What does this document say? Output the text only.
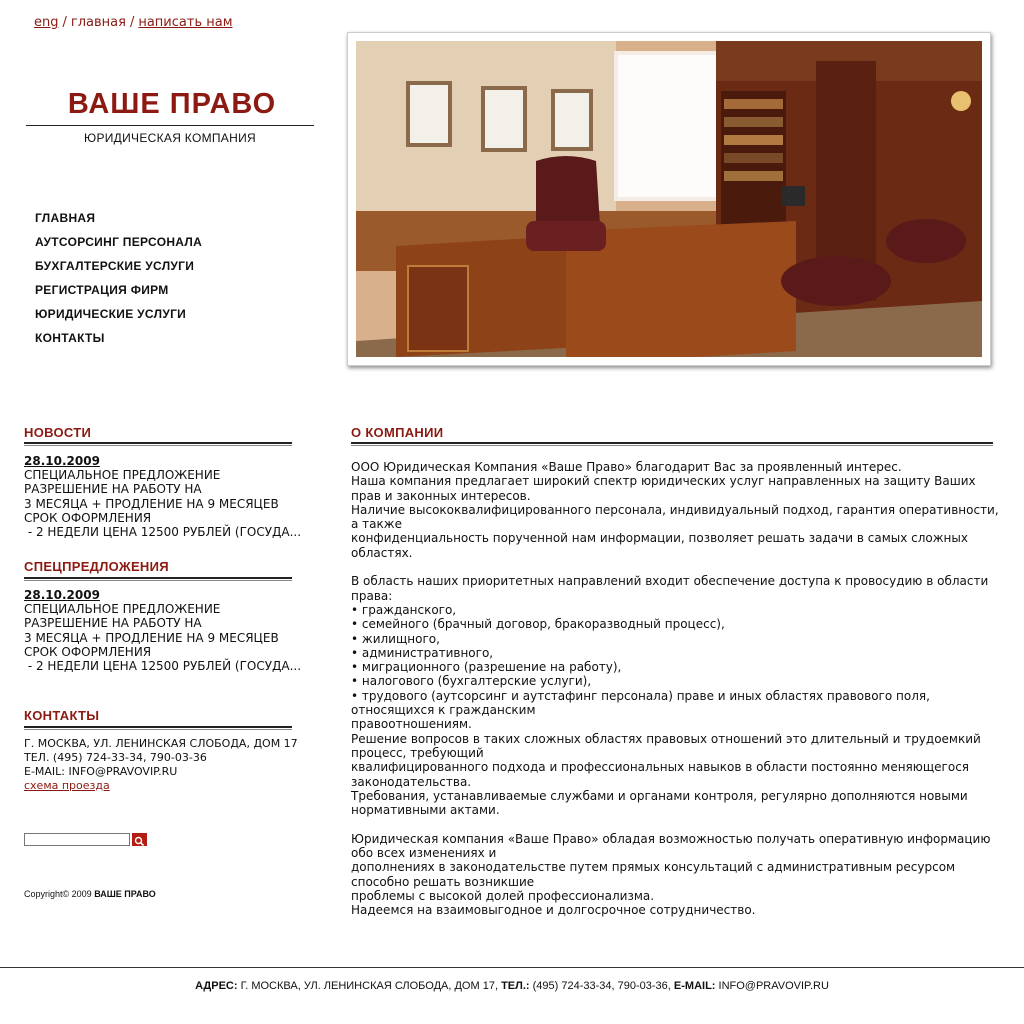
eng / главная / написать нам
ВАШЕ ПРАВО
ЮРИДИЧЕСКАЯ КОМПАНИЯ
ГЛАВНАЯ
АУТСОРСИНГ ПЕРСОНАЛА
БУХГАЛТЕРСКИЕ УСЛУГИ
РЕГИСТРАЦИЯ ФИРМ
ЮРИДИЧЕСКИЕ УСЛУГИ
КОНТАКТЫ
НОВОСТИ
28.10.2009
СПЕЦИАЛЬНОЕ ПРЕДЛОЖЕНИЕ
РАЗРЕШЕНИЕ НА РАБОТУ НА
3 МЕСЯЦА + ПРОДЛЕНИЕ НА 9 МЕСЯЦЕВ
СРОК ОФОРМЛЕНИЯ
- 2 НЕДЕЛИ ЦЕНА 12500 РУБЛЕЙ (ГОСУДА...
СПЕЦПРЕДЛОЖЕНИЯ
28.10.2009
СПЕЦИАЛЬНОЕ ПРЕДЛОЖЕНИЕ
РАЗРЕШЕНИЕ НА РАБОТУ НА
3 МЕСЯЦА + ПРОДЛЕНИЕ НА 9 МЕСЯЦЕВ
СРОК ОФОРМЛЕНИЯ
- 2 НЕДЕЛИ ЦЕНА 12500 РУБЛЕЙ (ГОСУДА...
КОНТАКТЫ
Г. МОСКВА, УЛ. ЛЕНИНСКАЯ СЛОБОДА, ДОМ 17
ТЕЛ. (495) 724-33-34, 790-03-36
E-MAIL: INFO@PRAVOVIP.RU
схема проезда
Copyright© 2009 ВАШЕ ПРАВО
О КОМПАНИИ

ООО Юридическая Компания «Ваше Право» благодарит Вас за проявленный интерес.

Наша компания предлагает широкий спектр юридических услуг направленных на защиту Ваших

прав и законных интересов.

Наличие высококвалифицированного персонала, индивидуальный подход, гарантия оперативности,

а также

конфиденциальность порученной нам информации, позволяет решать задачи в самых сложных

областях.

В область наших приоритетных направлений входит обеспечение доступа к провосудию в области

права:

• гражданского,

• семейного (брачный договор, бракоразводный процесс),

• жилищного,

• административного,

• миграционного (разрешение на работу),

• налогового (бухгалтерские услуги),

• трудового (аутсорсинг и аутстафинг персонала) праве и иных областях правового поля,

относящихся к гражданским

правоотношениям.

Решение вопросов в таких сложных областях правовых отношений это длительный и трудоемкий

процесс, требующий

квалифицированного подхода и профессиональных навыков в области постоянно меняющегося

законодательства.

Требования, устанавливаемые службами и органами контроля, регулярно дополняются новыми

нормативными актами.

Юридическая компания «Ваше Право» обладая возможностью получать оперативную информацию

обо всех изменениях и

дополнениях в законодательстве путем прямых консультаций с административным ресурсом

способно решать возникшие

проблемы с высокой долей профессионализма.

Надеемся на взаимовыгодное и долгосрочное сотрудничество.

АДРЕС: Г. МОСКВА, УЛ. ЛЕНИНСКАЯ СЛОБОДА, ДОМ 17, ТЕЛ.: (495) 724-33-34, 790-03-36, E-MAIL: INFO@PRAVOVIP.RU
